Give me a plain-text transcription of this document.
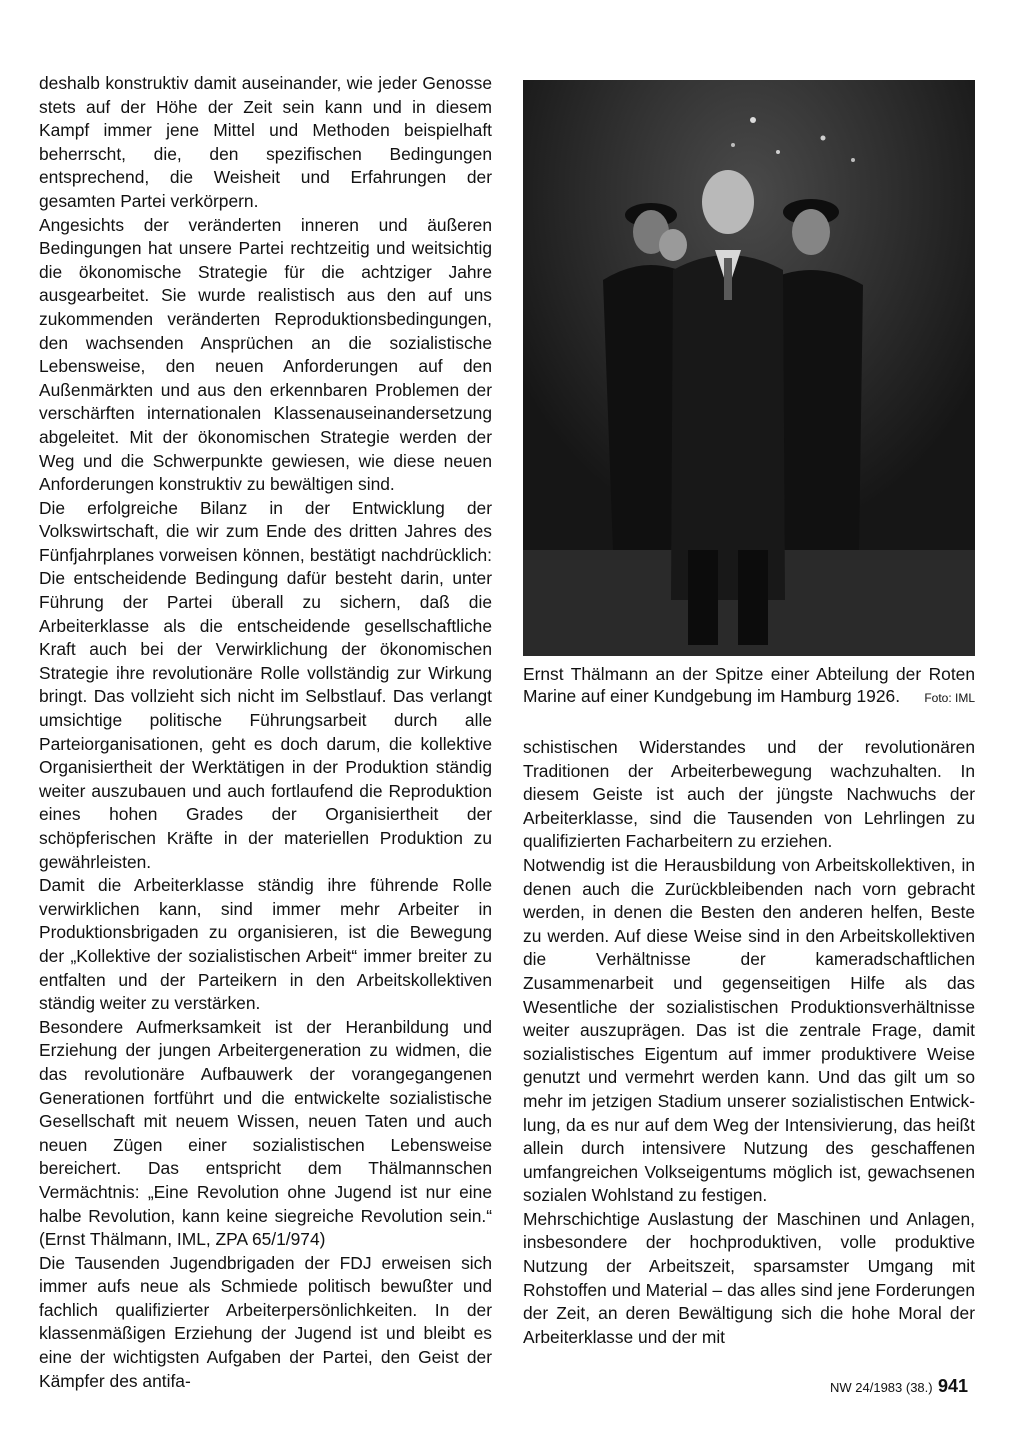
deshalb konstruktiv damit auseinander, wie jeder Genosse stets auf der Höhe der Zeit sein kann und in diesem Kampf immer jene Mittel und Methoden beispielhaft beherrscht, die, den spezifischen Bedingungen entsprechend, die Weisheit und Erfahrungen der gesamten Partei verkörpern.

Angesichts der veränderten inneren und äußeren Bedingungen hat unsere Partei rechtzeitig und weitsichtig die ökonomische Strategie für die achtziger Jahre ausgearbeitet. Sie wurde realistisch aus den auf uns zukommenden veränderten Reproduktionsbedingungen, den wachsenden Ansprüchen an die sozialistische Lebensweise, den neuen Anforderungen auf den Außenmärkten und aus den erkennbaren Problemen der verschärften internationalen Klassenauseinandersetzung abgeleitet. Mit der ökonomischen Strategie werden der Weg und die Schwerpunkte gewiesen, wie diese neuen Anforderungen konstruktiv zu bewältigen sind.

Die erfolgreiche Bilanz in der Entwicklung der Volkswirtschaft, die wir zum Ende des dritten Jahres des Fünfjahrplanes vorweisen können, bestätigt nachdrücklich: Die entscheidende Bedingung dafür besteht darin, unter Führung der Partei überall zu sichern, daß die Arbeiterklasse als die entscheidende gesellschaftliche Kraft auch bei der Verwirklichung der ökonomischen Strategie ihre revolutionäre Rolle vollständig zur Wirkung bringt. Das vollzieht sich nicht im Selbstlauf. Das verlangt umsichtige politische Führungsarbeit durch alle Parteiorganisationen, geht es doch darum, die kollektive Organisiertheit der Werktätigen in der Produktion ständig weiter auszubauen und auch fortlaufend die Reproduktion eines hohen Grades der Organisiertheit der schöpferischen Kräfte in der materiellen Produktion zu gewährleisten.

Damit die Arbeiterklasse ständig ihre führende Rolle verwirklichen kann, sind immer mehr Arbeiter in Produktionsbrigaden zu organisieren, ist die Bewegung der „Kollektive der sozialistischen Arbeit“ immer breiter zu entfalten und der Parteikern in den Arbeitskollektiven ständig weiter zu verstärken.

Besondere Aufmerksamkeit ist der Heranbildung und Erziehung der jungen Arbeitergeneration zu widmen, die das revolutionäre Aufbauwerk der vorangegangenen Generationen fortführt und die entwickelte sozialistische Gesellschaft mit neuem Wissen, neuen Taten und auch neuen Zügen einer sozialistischen Lebensweise bereichert. Das entspricht dem Thälmannschen Vermächtnis: „Eine Revolution ohne Jugend ist nur eine halbe Revolution, kann keine siegreiche Revolution sein.“ (Ernst Thälmann, IML, ZPA 65/1/974)

Die Tausenden Jugendbrigaden der FDJ erweisen sich immer aufs neue als Schmiede politisch bewußter und fachlich qualifizierter Arbeiterpersönlichkeiten. In der klassenmäßigen Erziehung der Jugend ist und bleibt es eine der wichtigsten Aufgaben der Partei, den Geist der Kämpfer des antifa-

Ernst Thälmann an der Spitze einer Abteilung der Roten Marine auf einer Kundgebung im Hamburg 1926. Foto: IML

schistischen Widerstandes und der revolutionären Traditionen der Arbeiterbewegung wachzuhalten. In diesem Geiste ist auch der jüngste Nachwuchs der Arbeiterklasse, sind die Tausenden von Lehrlingen zu qualifizierten Facharbeitern zu erziehen.

Notwendig ist die Herausbildung von Arbeitskollektiven, in denen auch die Zurückbleibenden nach vorn gebracht werden, in denen die Besten den anderen helfen, Beste zu werden. Auf diese Weise sind in den Arbeitskollektiven die Verhältnisse der kameradschaftlichen Zusammenarbeit und gegenseitigen Hilfe als das Wesentliche der sozialistischen Produktionsverhältnisse weiter auszuprägen. Das ist die zentrale Frage, damit sozialistisches Eigentum auf immer produktivere Weise genutzt und vermehrt werden kann. Und das gilt um so mehr im jetzigen Stadium unserer sozialistischen Entwicklung, da es nur auf dem Weg der Intensivierung, das heißt allein durch intensivere Nutzung des geschaffenen umfangreichen Volkseigentums möglich ist, gewachsenen sozialen Wohlstand zu festigen.

Mehrschichtige Auslastung der Maschinen und Anlagen, insbesondere der hochproduktiven, volle produktive Nutzung der Arbeitszeit, sparsamster Umgang mit Rohstoffen und Material – das alles sind jene Forderungen der Zeit, an deren Bewältigung sich die hohe Moral der Arbeiterklasse und der mit

NW 24/1983 (38.) 941
